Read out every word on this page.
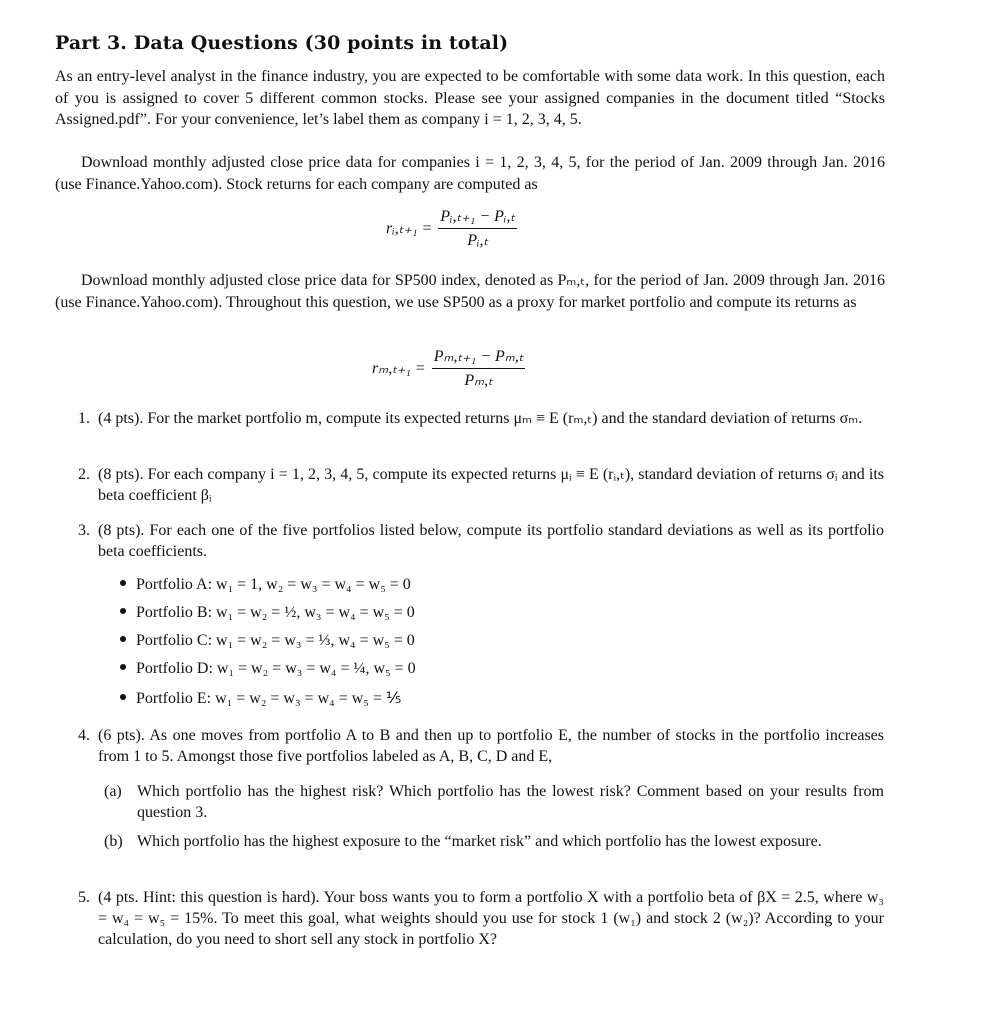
Part 3. Data Questions (30 points in total)
As an entry-level analyst in the finance industry, you are expected to be comfortable with some data work. In this question, each of you is assigned to cover 5 different common stocks. Please see your assigned companies in the document titled “Stocks Assigned.pdf”. For your convenience, let’s label them as company i = 1, 2, 3, 4, 5.
Download monthly adjusted close price data for companies i = 1, 2, 3, 4, 5, for the period of Jan. 2009 through Jan. 2016 (use Finance.Yahoo.com). Stock returns for each company are computed as
rᵢ,ₜ₊₁ = $\frac{\text{Pᵢ,ₜ₊₁ − Pᵢ,ₜ}}{\text{Pᵢ,ₜ}}$
Download monthly adjusted close price data for SP500 index, denoted as Pₘ,ₜ, for the period of Jan. 2009 through Jan. 2016 (use Finance.Yahoo.com). Throughout this question, we use SP500 as a proxy for market portfolio and compute its returns as
$r_m,_{t+1} = \frac{\text{Pₘ,ₜ₊₁ − Pₘ,ₜ}}{\text{Pₘ,ₜ}}$
1. (4 pts). For the market portfolio m, compute its expected returns μₘ ≡ E (rₘ,ₜ) and the standard deviation of returns σₘ.
2. (8 pts). For each company i = 1, 2, 3, 4, 5, compute its expected returns μᵢ ≡ E (rᵢ,ₜ), standard deviation of returns σᵢ and its beta coefficient βᵢ
3. (8 pts). For each one of the five portfolios listed below, compute its portfolio standard deviations as well as its portfolio beta coefficients.
Portfolio A: w₁ = 1, w₂ = w₃ = w₄ = w₅ = 0
Portfolio B: w₁ = w₂ = ½, w₃ = w₄ = w₅ = 0
Portfolio C: w₁ = w₂ = w₃ = ⅓, w₄ = w₅ = 0
Portfolio D: w₁ = w₂ = w₃ = w₄ = ¼, w₅ = 0
Portfolio E: w₁ = w₂ = w₃ = w₄ = w₅ = ⅕
4. (6 pts). As one moves from portfolio A to B and then up to portfolio E, the number of stocks in the portfolio increases from 1 to 5. Amongst those five portfolios labeled as A, B, C, D and E,
(a) Which portfolio has the highest risk? Which portfolio has the lowest risk? Comment based on your results from question 3.
(b) Which portfolio has the highest exposure to the “market risk” and which portfolio has the lowest exposure.
5. (4 pts. Hint: this question is hard). Your boss wants you to form a portfolio X with a portfolio beta of βX = 2.5, where w₃ = w₄ = w₅ = 15%. To meet this goal, what weights should you use for stock 1 (w₁) and stock 2 (w₂)? According to your calculation, do you need to short sell any stock in portfolio X?
